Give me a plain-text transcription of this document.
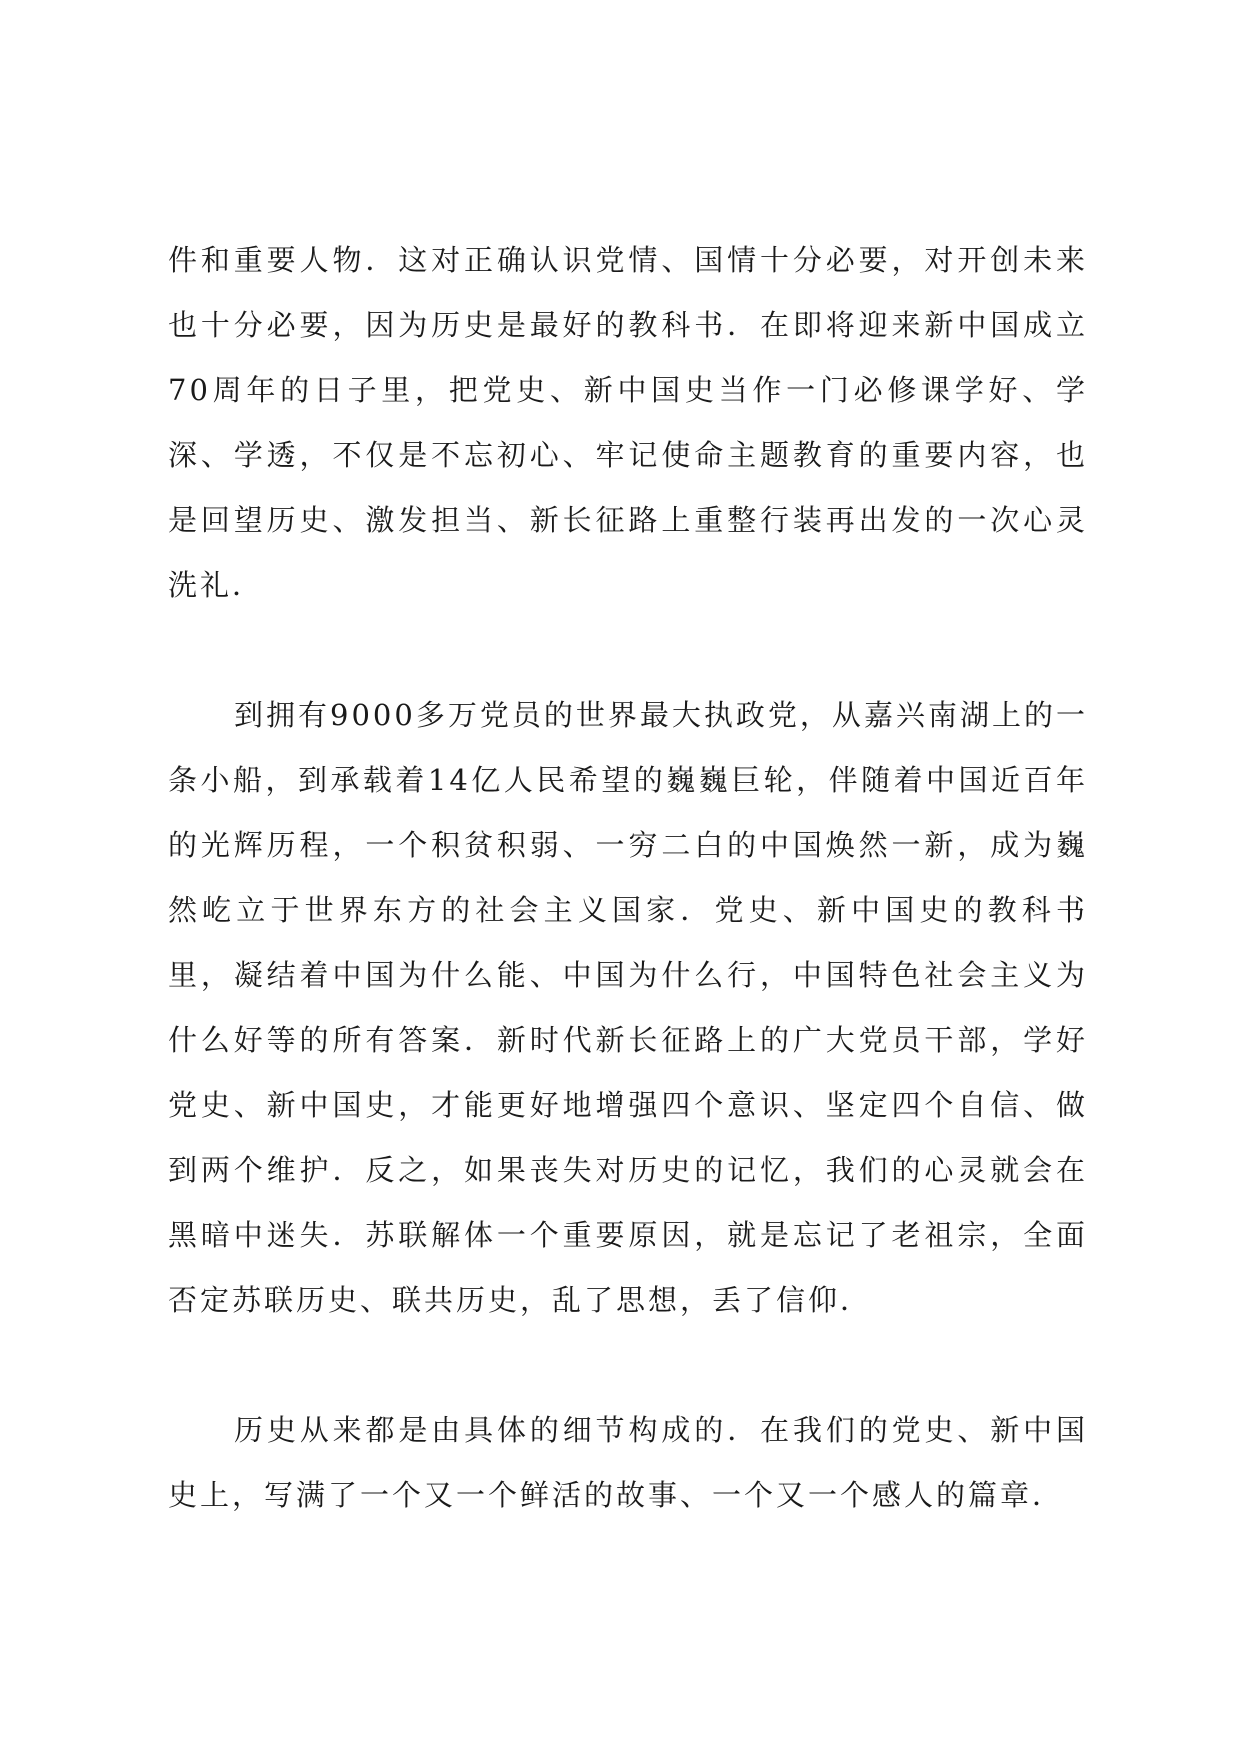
件和重要人物．这对正确认识党情、国情十分必要，对开创未来也十分必要，因为历史是最好的教科书．在即将迎来新中国成立70周年的日子里，把党史、新中国史当作一门必修课学好、学深、学透，不仅是不忘初心、牢记使命主题教育的重要内容，也是回望历史、激发担当、新长征路上重整行装再出发的一次心灵洗礼．

到拥有9000多万党员的世界最大执政党，从嘉兴南湖上的一条小船，到承载着14亿人民希望的巍巍巨轮，伴随着中国近百年的光辉历程，一个积贫积弱、一穷二白的中国焕然一新，成为巍然屹立于世界东方的社会主义国家．党史、新中国史的教科书里，凝结着中国为什么能、中国为什么行，中国特色社会主义为什么好等的所有答案．新时代新长征路上的广大党员干部，学好党史、新中国史，才能更好地增强四个意识、坚定四个自信、做到两个维护．反之，如果丧失对历史的记忆，我们的心灵就会在黑暗中迷失．苏联解体一个重要原因，就是忘记了老祖宗，全面否定苏联历史、联共历史，乱了思想，丢了信仰．

历史从来都是由具体的细节构成的．在我们的党史、新中国史上，写满了一个又一个鲜活的故事、一个又一个感人的篇章．
